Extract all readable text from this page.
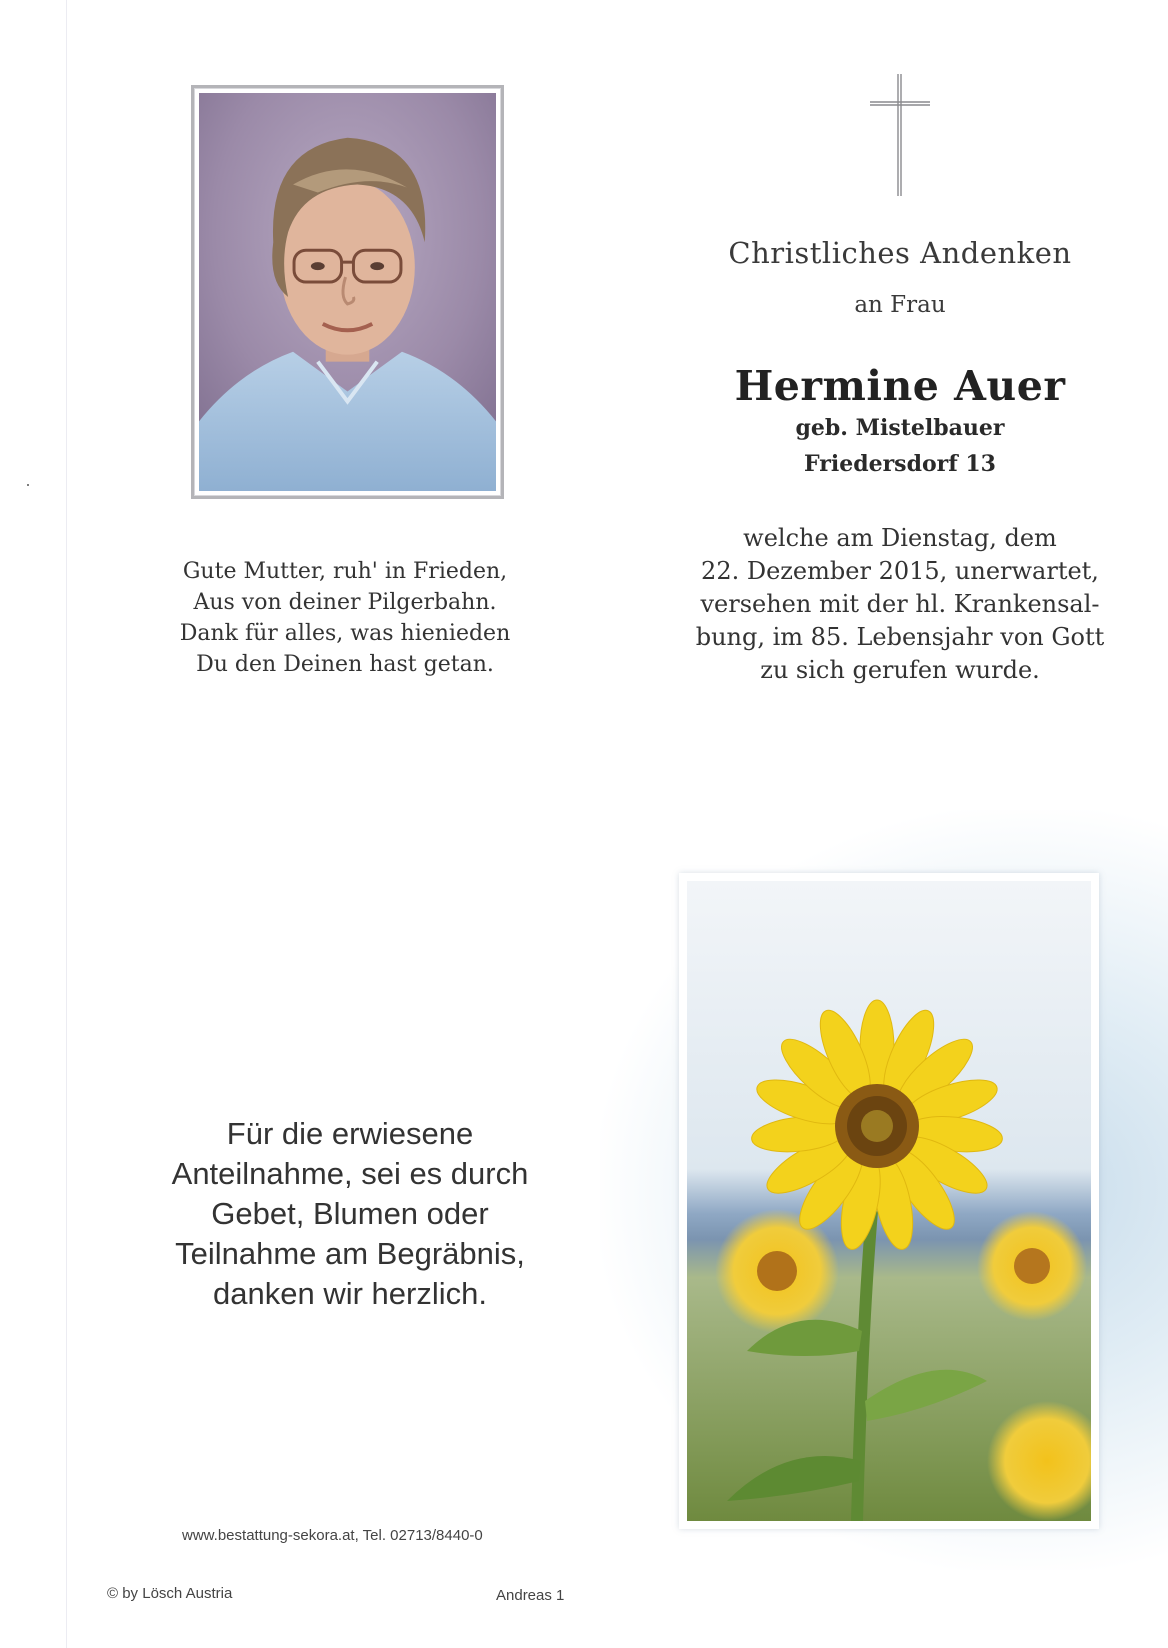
Gute Mutter, ruh' in Frieden,
Aus von deiner Pilgerbahn.
Dank für alles, was hienieden
Du den Deinen hast getan.
Christliches Andenken
an Frau
Hermine Auer
geb. Mistelbauer
Friedersdorf 13
welche am Dienstag, dem
22. Dezember 2015, unerwartet,
versehen mit der hl. Krankensal-
bung, im 85. Lebensjahr von Gott
zu sich gerufen wurde.
Für die erwiesene
Anteilnahme, sei es durch
Gebet, Blumen oder
Teilnahme am Begräbnis,
danken wir herzlich.
www.bestattung-sekora.at, Tel. 02713/8440-0
© by Lösch Austria	Andreas 1
